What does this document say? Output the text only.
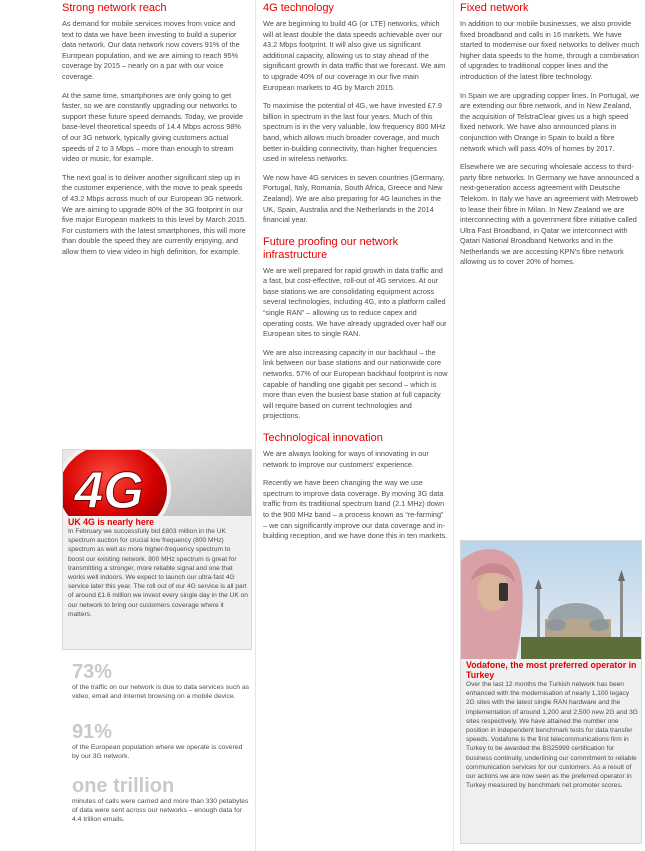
Strong network reach

As demand for mobile services moves from voice and text to data we have been investing to build a superior data network. Our data network now covers 91% of the European population, and we are aiming to reach 95% coverage by 2015 – nearly on a par with our voice coverage.

At the same time, smartphones are only going to get faster, so we are constantly upgrading our networks to support these future speed demands. Today, we provide base-level theoretical speeds of 14.4 Mbps across 98% of our 3G network, typically giving customers actual speeds of 2 to 3 Mbps – more than enough to stream video or music, for example.

The next goal is to deliver another significant step up in the customer experience, with the move to peak speeds of 43.2 Mbps across much of our European 3G network. We are aiming to upgrade 80% of the 3G footprint in our five major European markets to this level by March 2015. For customers with the latest smartphones, this will more than double the speed they are currently enjoying, and allow them to view video in high definition, for example.

4G
UK 4G is nearly here

In February we successfully bid £803 million in the UK spectrum auction for crucial low frequency (800 MHz) spectrum as well as more higher-frequency spectrum to boost our existing network. 800 MHz spectrum is great for transmitting a stronger, more reliable signal and one that works well indoors. We expect to launch our ultra-fast 4G service later this year. The roll out of our 4G service is all part of around £1.6 million we invest every single day in the UK on our network to bring our customers coverage where it matters.

73%
of the traffic on our network is due to data services such as video, email and internet browsing on a mobile device.
91%
of the European population where we operate is covered by our 3G network.
one trillion
minutes of calls were carried and more than 330 petabytes of data were sent across our networks – enough data for 4.4 trillion emails.
4G technology

We are beginning to build 4G (or LTE) networks, which will at least double the data speeds achievable over our 43.2 Mbps footprint. It will also give us significant additional capacity, allowing us to stay ahead of the significant growth in data traffic that we forecast. We aim to upgrade 40% of our coverage in our five main European markets to 4G by March 2015.

To maximise the potential of 4G, we have invested £7.9 billion in spectrum in the last four years. Much of this spectrum is in the very valuable, low frequency 800 MHz band, which allows much broader coverage, and much better in-building connectivity, than higher frequencies used in wireless networks.

We now have 4G services in seven countries (Germany, Portugal, Italy, Romania, South Africa, Greece and New Zealand). We are also preparing for 4G launches in the UK, Spain, Australia and the Netherlands in the 2014 financial year.

Future proofing our network infrastructure

We are well prepared for rapid growth in data traffic and a fast, but cost-effective, roll-out of 4G services. At our base stations we are consolidating equipment across several technologies, including 4G, into a platform called “single RAN” – allowing us to reduce capex and operating costs. We have already upgraded over half our European sites to single RAN.

We are also increasing capacity in our backhaul – the link between our base stations and our nationwide core networks. 57% of our European backhaul footprint is now capable of handling one gigabit per second – which is more than even the busiest base station at full capacity will require based on current technologies and projections.

Technological innovation

We are always looking for ways of innovating in our network to improve our customers’ experience.

Recently we have been changing the way we use spectrum to improve data coverage. By moving 3G data traffic from its traditional spectrum band (2.1 MHz) down to the 900 MHz band – a process known as “re-farming” – we can significantly improve our data coverage and in-building reception, and we have done this in ten markets.

Fixed network

In addition to our mobile businesses, we also provide fixed broadband and calls in 16 markets. We have started to modernise our fixed networks to deliver much higher data speeds to the home, through a combination of upgrades to traditional copper lines and the introduction of the latest fibre technology.

In Spain we are upgrading copper lines. In Portugal, we are extending our fibre network, and in New Zealand, the acquisition of TelstraClear gives us a high speed fixed network. We have also announced plans in conjunction with Orange in Spain to build a fibre network which will pass 40% of homes by 2017.

Elsewhere we are securing wholesale access to third-party fibre networks. In Germany we have announced a next-generation access agreement with Deutsche Telekom. In Italy we have an agreement with Metroweb to lease their fibre in Milan. In New Zealand we are interconnecting with a government fibre initiative called Ultra Fast Broadband, in Qatar we interconnect with Qatari National Broadband Networks and in the Netherlands we are accessing KPN’s fibre network allowing us to cover 20% of homes.

Vodafone, the most preferred operator in Turkey

Over the last 12 months the Turkish network has been enhanced with the modernisation of nearly 1,100 legacy 2G sites with the latest single RAN hardware and the implementation of around 1,200 and 2,500 new 2G and 3G sites respectively. We have attained the number one position in independent benchmark tests for data transfer speeds. Vodafone is the first telecommunications firm in Turkey to be awarded the BS25999 certification for business continuity, underlining our commitment to reliable communication services for our customers. As a result of our actions we are now seen as the preferred operator in Turkey measured by benchmark net promoter scores.
